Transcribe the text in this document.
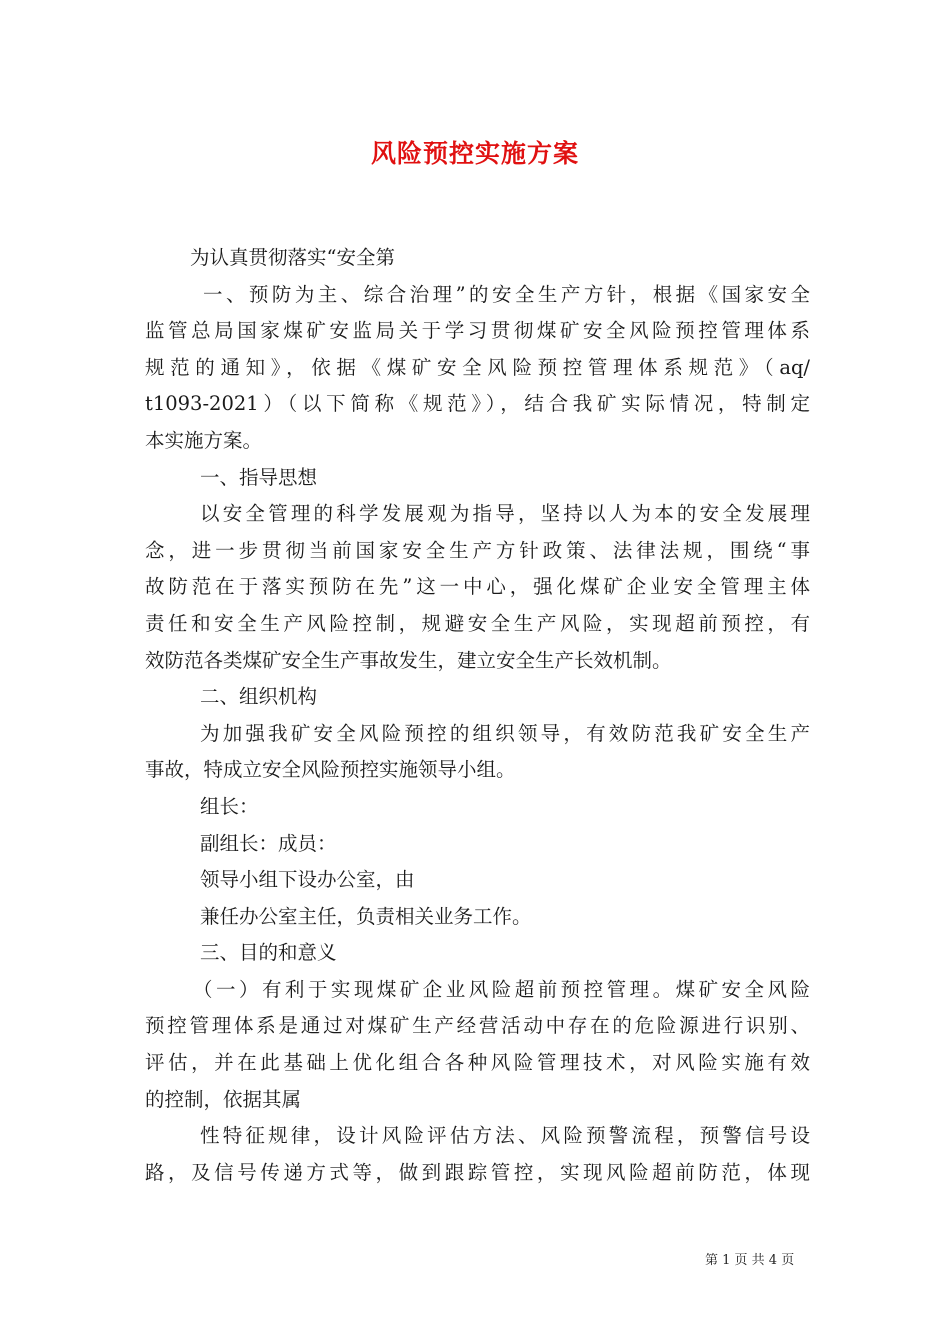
风险预控实施方案
为认真贯彻落实“安全第
一、预防为主、综合治理”的安全生产方针，根据《国家安全
监管总局国家煤矿安监局关于学习贯彻煤矿安全风险预控管理体系
规范的通知》，依据《煤矿安全风险预控管理体系规范》（aq/
t1093-2021）（以下简称《规范》），结合我矿实际情况，特制定
本实施方案。
一、指导思想
以安全管理的科学发展观为指导，坚持以人为本的安全发展理
念，进一步贯彻当前国家安全生产方针政策、法律法规，围绕“事
故防范在于落实预防在先”这一中心，强化煤矿企业安全管理主体
责任和安全生产风险控制，规避安全生产风险，实现超前预控，有
效防范各类煤矿安全生产事故发生，建立安全生产长效机制。
二、组织机构
为加强我矿安全风险预控的组织领导，有效防范我矿安全生产
事故，特成立安全风险预控实施领导小组。
组长：
副组长：成员：
领导小组下设办公室，由
兼任办公室主任，负责相关业务工作。
三、目的和意义
（一）有利于实现煤矿企业风险超前预控管理。煤矿安全风险
预控管理体系是通过对煤矿生产经营活动中存在的危险源进行识别、
评估，并在此基础上优化组合各种风险管理技术，对风险实施有效
的控制，依据其属
性特征规律，设计风险评估方法、风险预警流程，预警信号设
路，及信号传递方式等，做到跟踪管控，实现风险超前防范，体现
第 1 页 共 4 页
